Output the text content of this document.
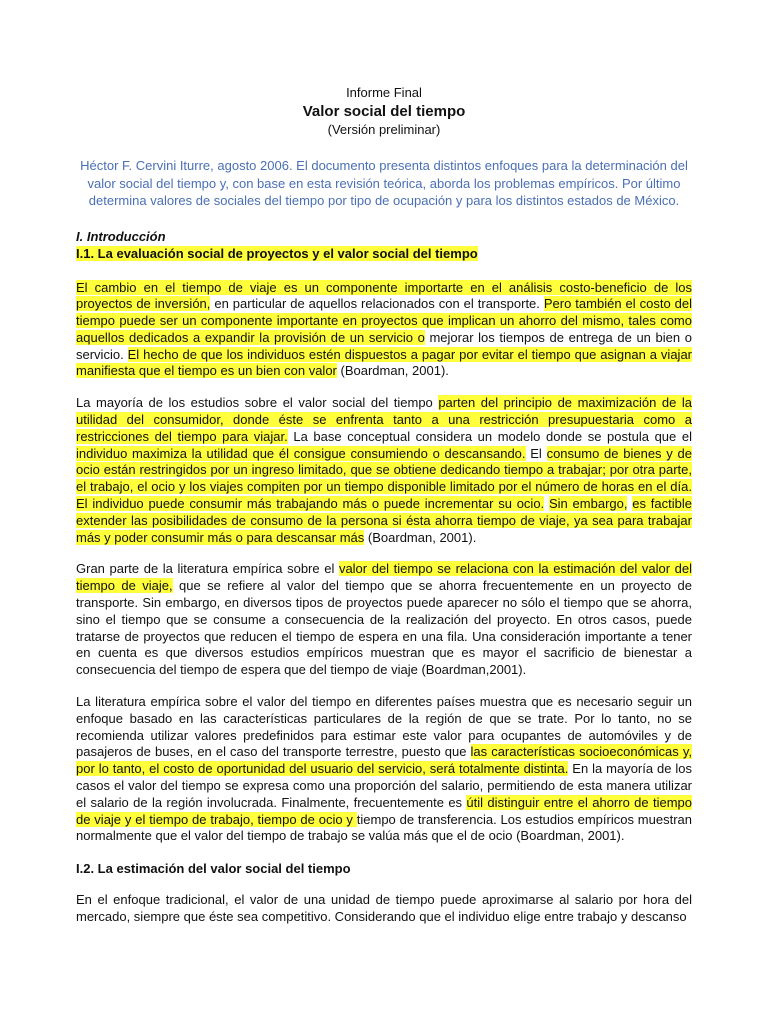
Informe Final

Valor social del tiempo

(Versión preliminar)

Héctor F. Cervini Iturre, agosto 2006. El documento presenta distintos enfoques para la determinación del valor social del tiempo y, con base en esta revisión teórica, aborda los problemas empíricos. Por último determina valores de sociales del tiempo por tipo de ocupación y para los distintos estados de México.

I. Introducción

I.1. La evaluación social de proyectos y el valor social del tiempo

El cambio en el tiempo de viaje es un componente importarte en el análisis costo-beneficio de los proyectos de inversión, en particular de aquellos relacionados con el transporte. Pero también el costo del tiempo puede ser un componente importante en proyectos que implican un ahorro del mismo, tales como aquellos dedicados a expandir la provisión de un servicio o mejorar los tiempos de entrega de un bien o servicio. El hecho de que los individuos estén dispuestos a pagar por evitar el tiempo que asignan a viajar manifiesta que el tiempo es un bien con valor (Boardman, 2001).

La mayoría de los estudios sobre el valor social del tiempo parten del principio de maximización de la utilidad del consumidor, donde éste se enfrenta tanto a una restricción presupuestaria como a restricciones del tiempo para viajar. La base conceptual considera un modelo donde se postula que el individuo maximiza la utilidad que él consigue consumiendo o descansando. El consumo de bienes y de ocio están restringidos por un ingreso limitado, que se obtiene dedicando tiempo a trabajar; por otra parte, el trabajo, el ocio y los viajes compiten por un tiempo disponible limitado por el número de horas en el día. El individuo puede consumir más trabajando más o puede incrementar su ocio. Sin embargo, es factible extender las posibilidades de consumo de la persona si ésta ahorra tiempo de viaje, ya sea para trabajar más y poder consumir más o para descansar más (Boardman, 2001).

Gran parte de la literatura empírica sobre el valor del tiempo se relaciona con la estimación del valor del tiempo de viaje, que se refiere al valor del tiempo que se ahorra frecuentemente en un proyecto de transporte. Sin embargo, en diversos tipos de proyectos puede aparecer no sólo el tiempo que se ahorra, sino el tiempo que se consume a consecuencia de la realización del proyecto. En otros casos, puede tratarse de proyectos que reducen el tiempo de espera en una fila. Una consideración importante a tener en cuenta es que diversos estudios empíricos muestran que es mayor el sacrificio de bienestar a consecuencia del tiempo de espera que del tiempo de viaje (Boardman,2001).

La literatura empírica sobre el valor del tiempo en diferentes países muestra que es necesario seguir un enfoque basado en las características particulares de la región de que se trate. Por lo tanto, no se recomienda utilizar valores predefinidos para estimar este valor para ocupantes de automóviles y de pasajeros de buses, en el caso del transporte terrestre, puesto que las características socioeconómicas y, por lo tanto, el costo de oportunidad del usuario del servicio, será totalmente distinta. En la mayoría de los casos el valor del tiempo se expresa como una proporción del salario, permitiendo de esta manera utilizar el salario de la región involucrada. Finalmente, frecuentemente es útil distinguir entre el ahorro de tiempo de viaje y el tiempo de trabajo, tiempo de ocio y tiempo de transferencia. Los estudios empíricos muestran normalmente que el valor del tiempo de trabajo se valúa más que el de ocio (Boardman, 2001).

I.2. La estimación del valor social del tiempo

En el enfoque tradicional, el valor de una unidad de tiempo puede aproximarse al salario por hora del mercado, siempre que éste sea competitivo. Considerando que el individuo elige entre trabajo y descanso
